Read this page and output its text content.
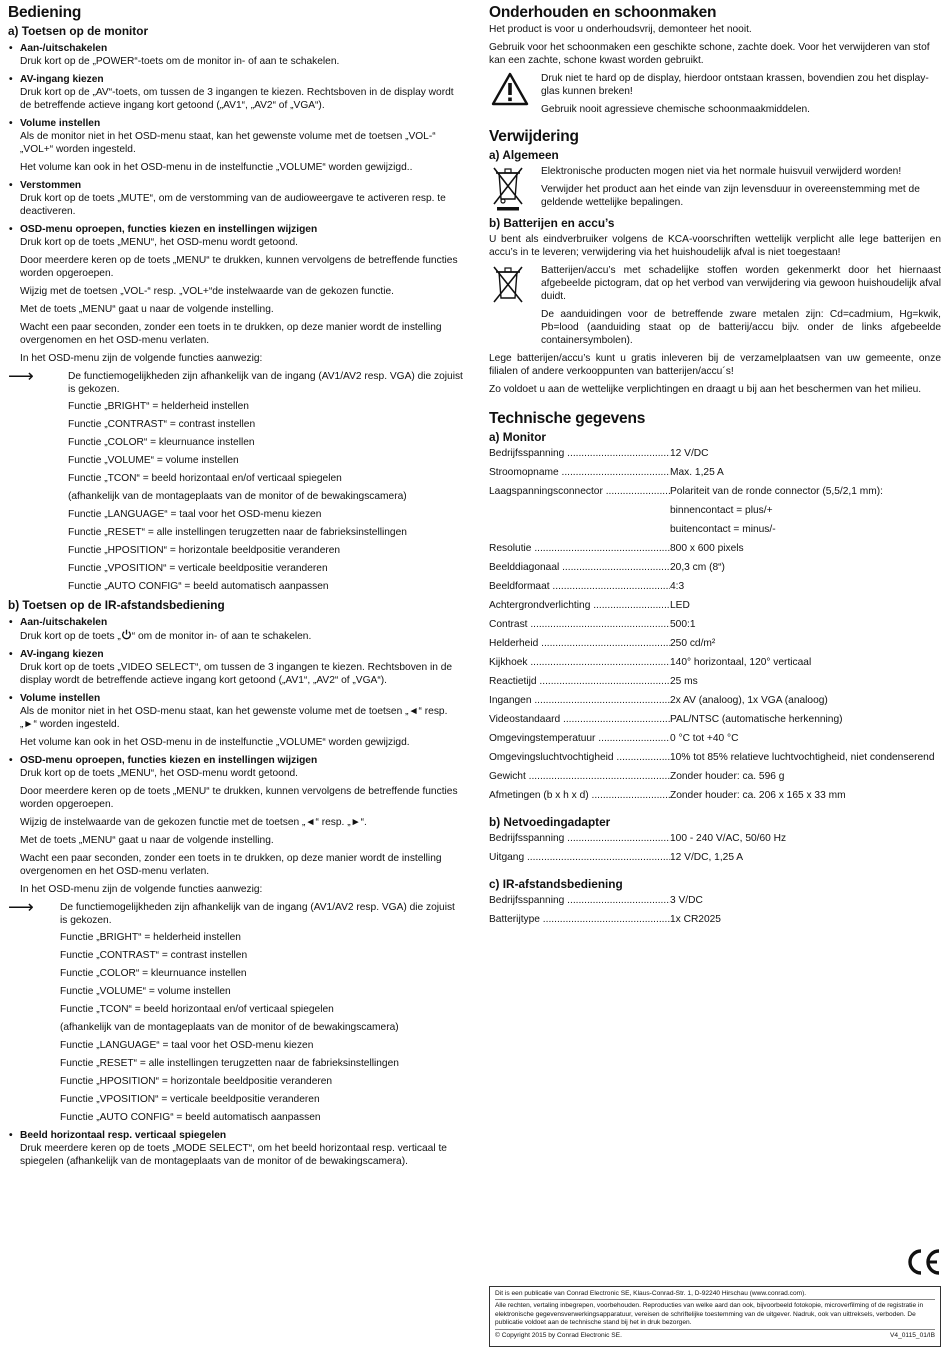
Bediening
a) Toetsen op de monitor
• Aan-/uitschakelen

Druk kort op de „POWER“-toets om de monitor in- of aan te schakelen.

• AV-ingang kiezen

Druk kort op de „AV“-toets, om tussen de 3 ingangen te kiezen. Rechtsboven in de display wordt de betreffende actieve ingang kort getoond („AV1“, „AV2“ of „VGA“).

• Volume instellen

Als de monitor niet in het OSD-menu staat, kan het gewenste volume met de toetsen „VOL-“ „VOL+“ worden ingesteld.

Het volume kan ook in het OSD-menu in de instelfunctie „VOLUME“ worden gewijzigd..

• Verstommen

Druk kort op de toets „MUTE“, om de verstomming van de audioweergave te activeren resp. te deactiveren.

• OSD-menu oproepen, functies kiezen en instellingen wijzigen

Druk kort op de toets „MENU“, het OSD-menu wordt getoond.

Door meerdere keren op de toets „MENU“ te drukken, kunnen vervolgens de betreffende functies worden opgeroepen.

Wijzig met de toetsen „VOL-“ resp. „VOL+“de instelwaarde van de gekozen functie.

Met de toets „MENU“ gaat u naar de volgende instelling.

Wacht een paar seconden, zonder een toets in te drukken, op deze manier wordt de instelling overgenomen en het OSD-menu verlaten.

In het OSD-menu zijn de volgende functies aanwezig:

⟶	De functiemogelijkheden zijn afhankelijk van de ingang (AV1/AV2 resp. VGA) die zojuist is gekozen.

Functie „BRIGHT“ = helderheid instellen

Functie „CONTRAST“ = contrast instellen

Functie „COLOR“ = kleurnuance instellen

Functie „VOLUME“ = volume instellen

Functie „TCON“ = beeld horizontaal en/of verticaal spiegelen

(afhankelijk van de montageplaats van de monitor of de bewakingscamera)

Functie „LANGUAGE“ = taal voor het OSD-menu kiezen

Functie „RESET“ = alle instellingen terugzetten naar de fabrieksinstellingen

Functie „HPOSITION“ = horizontale beeldpositie veranderen

Functie „VPOSITION“ = verticale beeldpositie veranderen

Functie „AUTO CONFIG“ = beeld automatisch aanpassen

b) Toetsen op de IR-afstandsbediening
• Aan-/uitschakelen

Druk kort op de toets „ “ om de monitor in- of aan te schakelen.

• AV-ingang kiezen

Druk kort op de toets „VIDEO SELECT“, om tussen de 3 ingangen te kiezen. Rechtsboven in de display wordt de betreffende actieve ingang kort getoond („AV1“, „AV2“ of „VGA“).

• Volume instellen

Als de monitor niet in het OSD-menu staat, kan het gewenste volume met de toetsen „◄“ resp. „►“ worden ingesteld.

Het volume kan ook in het OSD-menu in de instelfunctie „VOLUME“ worden gewijzigd.

• OSD-menu oproepen, functies kiezen en instellingen wijzigen

Druk kort op de toets „MENU“, het OSD-menu wordt getoond.

Door meerdere keren op de toets „MENU“ te drukken, kunnen vervolgens de betreffende functies worden opgeroepen.

Wijzig de instelwaarde van de gekozen functie met de toetsen „◄“ resp. „►“.

Met de toets „MENU“ gaat u naar de volgende instelling.

Wacht een paar seconden, zonder een toets in te drukken, op deze manier wordt de instelling overgenomen en het OSD-menu verlaten.

In het OSD-menu zijn de volgende functies aanwezig:

⟶	De functiemogelijkheden zijn afhankelijk van de ingang (AV1/AV2 resp. VGA) die zojuist is gekozen.

Functie „BRIGHT“ = helderheid instellen

Functie „CONTRAST“ = contrast instellen

Functie „COLOR“ = kleurnuance instellen

Functie „VOLUME“ = volume instellen

Functie „TCON“ = beeld horizontaal en/of verticaal spiegelen

(afhankelijk van de montageplaats van de monitor of de bewakingscamera)

Functie „LANGUAGE“ = taal voor het OSD-menu kiezen

Functie „RESET“ = alle instellingen terugzetten naar de fabrieksinstellingen

Functie „HPOSITION“ = horizontale beeldpositie veranderen

Functie „VPOSITION“ = verticale beeldpositie veranderen

Functie „AUTO CONFIG“ = beeld automatisch aanpassen

• Beeld horizontaal resp. verticaal spiegelen

Druk meerdere keren op de toets „MODE SELECT“, om het beeld horizontaal resp. verticaal te spiegelen (afhankelijk van de montageplaats van de monitor of de bewakingscamera).

Onderhouden en schoonmaken

Het product is voor u onderhoudsvrij, demonteer het nooit.

Gebruik voor het schoonmaken een geschikte schone, zachte doek. Voor het verwijderen van stof kan een zachte, schone kwast worden gebruikt.

Druk niet te hard op de display, hierdoor ontstaan krassen, bovendien zou het display-glas kunnen breken!

Gebruik nooit agressieve chemische schoonmaakmiddelen.

Verwijdering
a) Algemeen

Elektronische producten mogen niet via het normale huisvuil verwijderd worden!

Verwijder het product aan het einde van zijn levensduur in overeenstemming met de geldende wettelijke bepalingen.

b) Batterijen en accu’s

U bent als eindverbruiker volgens de KCA-voorschriften wettelijk verplicht alle lege batterijen en accu’s in te leveren; verwijdering via het huishoudelijk afval is niet toegestaan!

Batterijen/accu’s met schadelijke stoffen worden gekenmerkt door het hiernaast afgebeelde pictogram, dat op het verbod van verwijdering via gewoon huishoudelijk afval duidt.

De aanduidingen voor de betreffende zware metalen zijn: Cd=cadmium, Hg=kwik, Pb=lood (aanduiding staat op de batterij/accu bijv. onder de links afgebeelde containersymbolen).

Lege batterijen/accu’s kunt u gratis inleveren bij de verzamelplaatsen van uw gemeente, onze filialen of andere verkooppunten van batterijen/accu´s!

Zo voldoet u aan de wettelijke verplichtingen en draagt u bij aan het beschermen van het milieu.

Technische gegevens
a) Monitor
Bedrijfsspanning .....	12 V/DC
Stroomopname .....	Max. 1,25 A
Laagspanningsconnector .....	Polariteit van de ronde connector (5,5/2,1 mm):
binnencontact = plus/+
buitencontact = minus/-
Resolutie .....	800 x 600 pixels
Beelddiagonaal .....	20,3 cm (8“)
Beeldformaat .....	4:3
Achtergrondverlichting .....	LED
Contrast .....	500:1
Helderheid .....	250 cd/m²
Kijkhoek .....	140° horizontaal, 120° verticaal
Reactietijd .....	25 ms
Ingangen .....	2x AV (analoog), 1x VGA (analoog)
Videostandaard .....	PAL/NTSC (automatische herkenning)
Omgevingstemperatuur .....	0 °C tot +40 °C
Omgevingsluchtvochtigheid .....	10% tot 85% relatieve luchtvochtigheid, niet condenserend
Gewicht .....	Zonder houder: ca. 596 g
Afmetingen (b x h x d) .....	Zonder houder: ca. 206 x 165 x 33 mm
b) Netvoedingadapter
Bedrijfsspanning .....	100 - 240 V/AC, 50/60 Hz
Uitgang .....	12 V/DC, 1,25 A
c) IR-afstandsbediening
Bedrijfsspanning .....	3 V/DC
Batterijtype .....	1x CR2025
Dit is een publicatie van Conrad Electronic SE, Klaus-Conrad-Str. 1, D-92240 Hirschau (www.conrad.com).
Alle rechten, vertaling inbegrepen, voorbehouden. Reproducties van welke aard dan ook, bijvoorbeeld fotokopie, microverfilming of de registratie in elektronische gegevensverwerkingsapparatuur, vereisen de schriftelijke toestemming van de uitgever. Nadruk, ook van uittreksels, verboden. De publicatie voldoet aan de technische stand bij het in druk bezorgen.
© Copyright 2015 by Conrad Electronic SE.	V4_0115_01/IB
